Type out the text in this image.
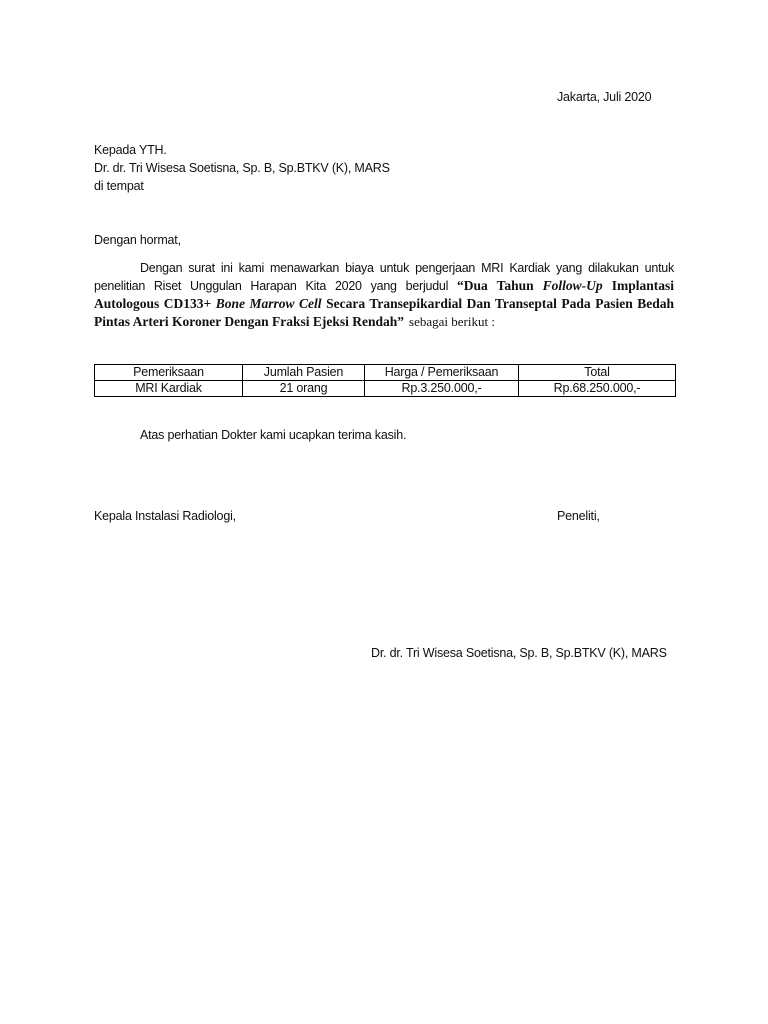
Jakarta, Juli 2020
Kepada YTH.
Dr. dr. Tri Wisesa Soetisna, Sp. B, Sp.BTKV (K), MARS
di tempat
Dengan hormat,

Dengan surat ini kami menawarkan biaya untuk pengerjaan MRI Kardiak yang dilakukan untuk penelitian Riset Unggulan Harapan Kita 2020 yang berjudul “Dua Tahun Follow-Up Implantasi Autologous CD133+ Bone Marrow Cell Secara Transepikardial Dan Transeptal Pada Pasien Bedah Pintas Arteri Koroner Dengan Fraksi Ejeksi Rendah” sebagai berikut :

Pemeriksaan	Jumlah Pasien	Harga / Pemeriksaan	Total
MRI Kardiak	21 orang	Rp.3.250.000,-	Rp.68.250.000,-
Atas perhatian Dokter kami ucapkan terima kasih.
Kepala Instalasi Radiologi,	Peneliti,
Dr. dr. Tri Wisesa Soetisna, Sp. B, Sp.BTKV (K), MARS
